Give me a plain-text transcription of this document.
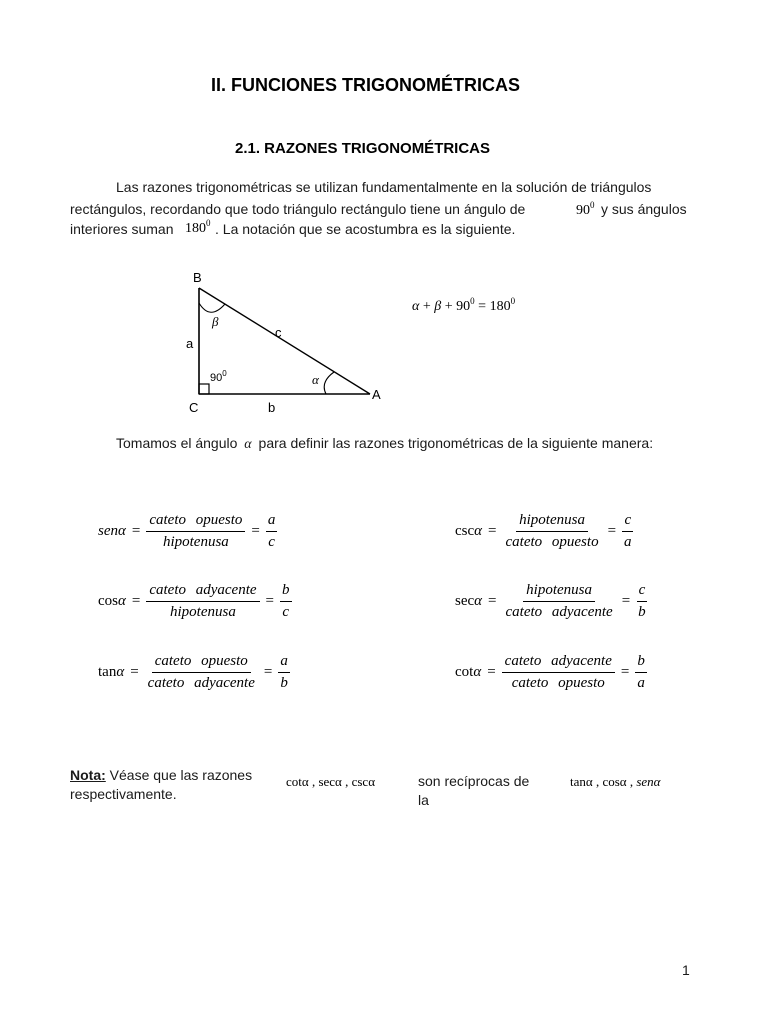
II. FUNCIONES TRIGONOMÉTRICAS
2.1. RAZONES TRIGONOMÉTRICAS
Las razones trigonométricas se utilizan fundamentalmente en la solución de triángulos
rectángulos, recordando que todo triángulo rectángulo tiene un ángulo de	$90^0$ y sus ángulos
interiores suman $180^0$ . La notación que se acostumbra es la siguiente.
B
C
A
a
b
c
β
α
$90^0$
$\alpha + \beta + 90^0 = 180^0$
Tomamos el ángulo α para definir las razones trigonométricas de la siguiente manera:
$sen\alpha = \frac{\text{cateto opuesto}}{\text{hipotenusa}} = \frac{a}{c}$	$\csc\alpha = \frac{\text{hipotenusa}}{\text{cateto opuesto}} = \frac{c}{a}$
$\cos\alpha = \frac{\text{cateto adyacente}}{\text{hipotenusa}} = \frac{b}{c}$	$\sec\alpha = \frac{\text{hipotenusa}}{\text{cateto adyacente}} = \frac{c}{b}$
$\tan\alpha = \frac{\text{cateto opuesto}}{\text{cateto adyacente}} = \frac{a}{b}$	$\cot\alpha = \frac{\text{cateto adyacente}}{\text{cateto opuesto}} = \frac{b}{a}$
Nota: Véase que las razones
respectivamente.
cotα , secα , cscα	son recíprocas de
la
tanα , cosα , senα
1
